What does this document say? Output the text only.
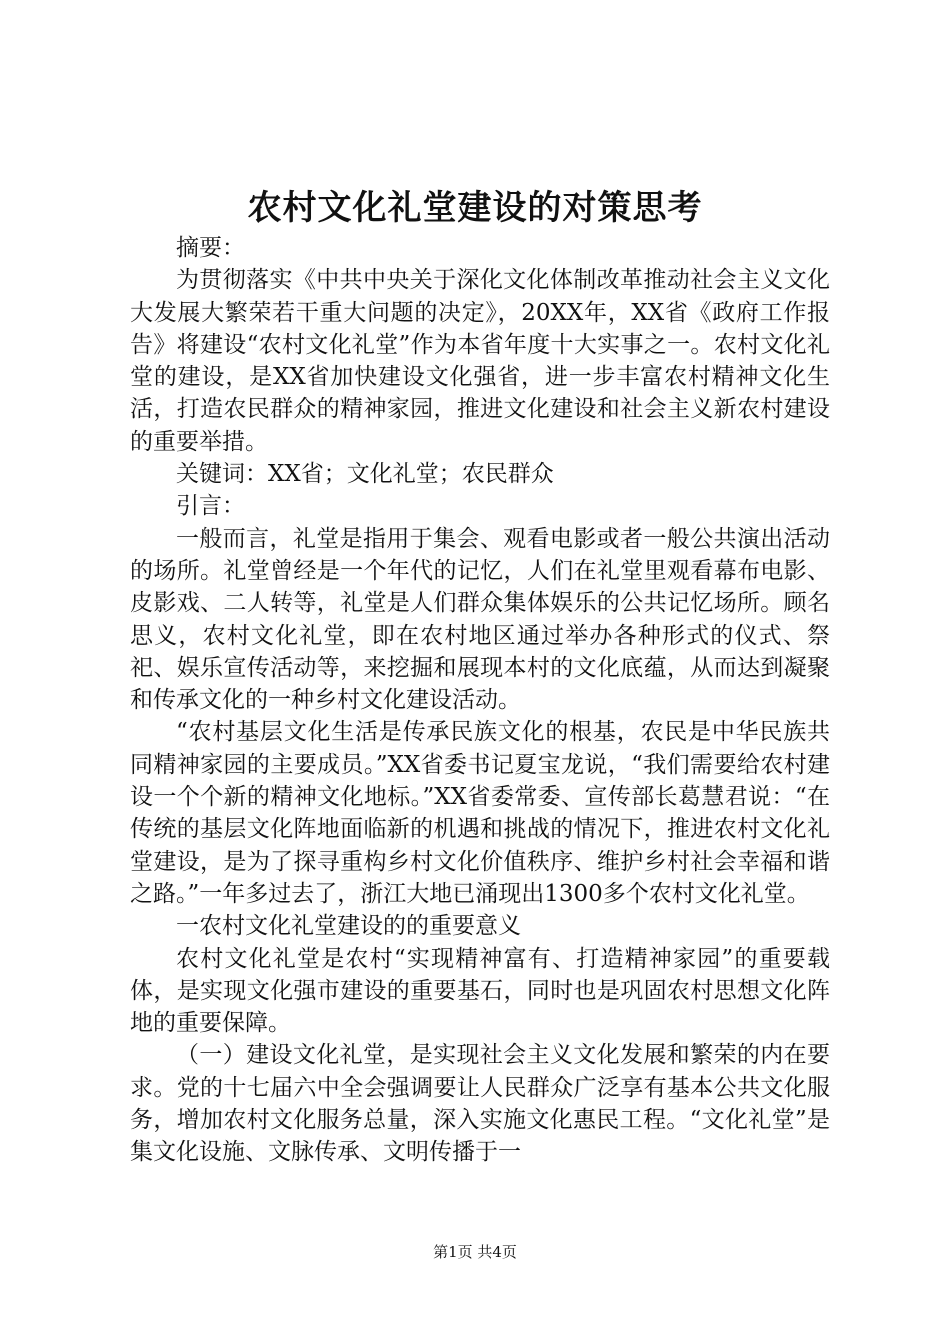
农村文化礼堂建设的对策思考

摘要：

为贯彻落实《中共中央关于深化文化体制改革推动社会主义文化大发展大繁荣若干重大问题的决定》，20XX年，XX省《政府工作报告》将建设“农村文化礼堂”作为本省年度十大实事之一。农村文化礼堂的建设，是XX省加快建设文化强省，进一步丰富农村精神文化生活，打造农民群众的精神家园，推进文化建设和社会主义新农村建设的重要举措。

关键词：XX省；文化礼堂；农民群众

引言：

一般而言，礼堂是指用于集会、观看电影或者一般公共演出活动的场所。礼堂曾经是一个年代的记忆，人们在礼堂里观看幕布电影、皮影戏、二人转等，礼堂是人们群众集体娱乐的公共记忆场所。顾名思义，农村文化礼堂，即在农村地区通过举办各种形式的仪式、祭祀、娱乐宣传活动等，来挖掘和展现本村的文化底蕴，从而达到凝聚和传承文化的一种乡村文化建设活动。

“农村基层文化生活是传承民族文化的根基，农民是中华民族共同精神家园的主要成员。”XX省委书记夏宝龙说，“我们需要给农村建设一个个新的精神文化地标。”XX省委常委、宣传部长葛慧君说：“在传统的基层文化阵地面临新的机遇和挑战的情况下，推进农村文化礼堂建设，是为了探寻重构乡村文化价值秩序、维护乡村社会幸福和谐之路。”一年多过去了，浙江大地已涌现出1300多个农村文化礼堂。

一农村文化礼堂建设的的重要意义

农村文化礼堂是农村“实现精神富有、打造精神家园”的重要载体，是实现文化强市建设的重要基石，同时也是巩固农村思想文化阵地的重要保障。

（一）建设文化礼堂，是实现社会主义文化发展和繁荣的内在要求。党的十七届六中全会强调要让人民群众广泛享有基本公共文化服务，增加农村文化服务总量，深入实施文化惠民工程。“文化礼堂”是集文化设施、文脉传承、文明传播于一

第1页 共4页
